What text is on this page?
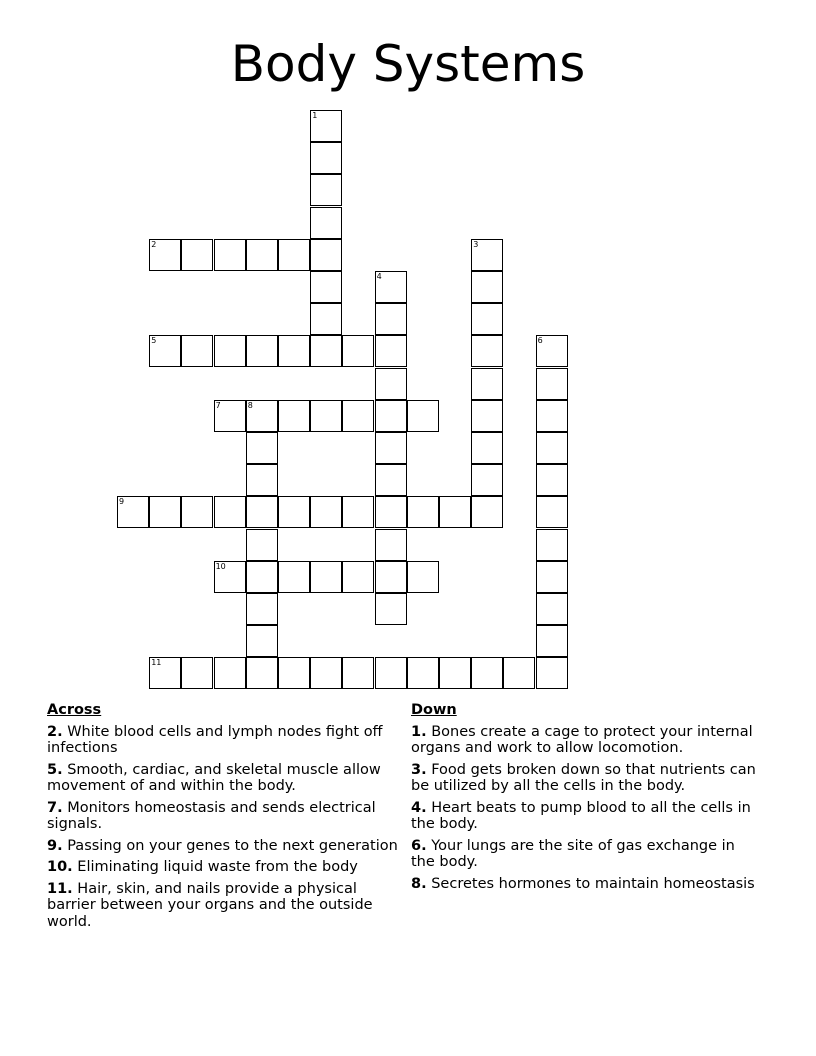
Body Systems
1
2	3
4
5	6
7	8
9
10
11
Across
2. White blood cells and lymph nodes fight off infections
5. Smooth, cardiac, and skeletal muscle allow movement of and within the body.
7. Monitors homeostasis and sends electrical signals.
9. Passing on your genes to the next generation
10. Eliminating liquid waste from the body
11. Hair, skin, and nails provide a physical barrier between your organs and the outside world.
Down
1. Bones create a cage to protect your internal organs and work to allow locomotion.
3. Food gets broken down so that nutrients can be utilized by all the cells in the body.
4. Heart beats to pump blood to all the cells in the body.
6. Your lungs are the site of gas exchange in the body.
8. Secretes hormones to maintain homeostasis
